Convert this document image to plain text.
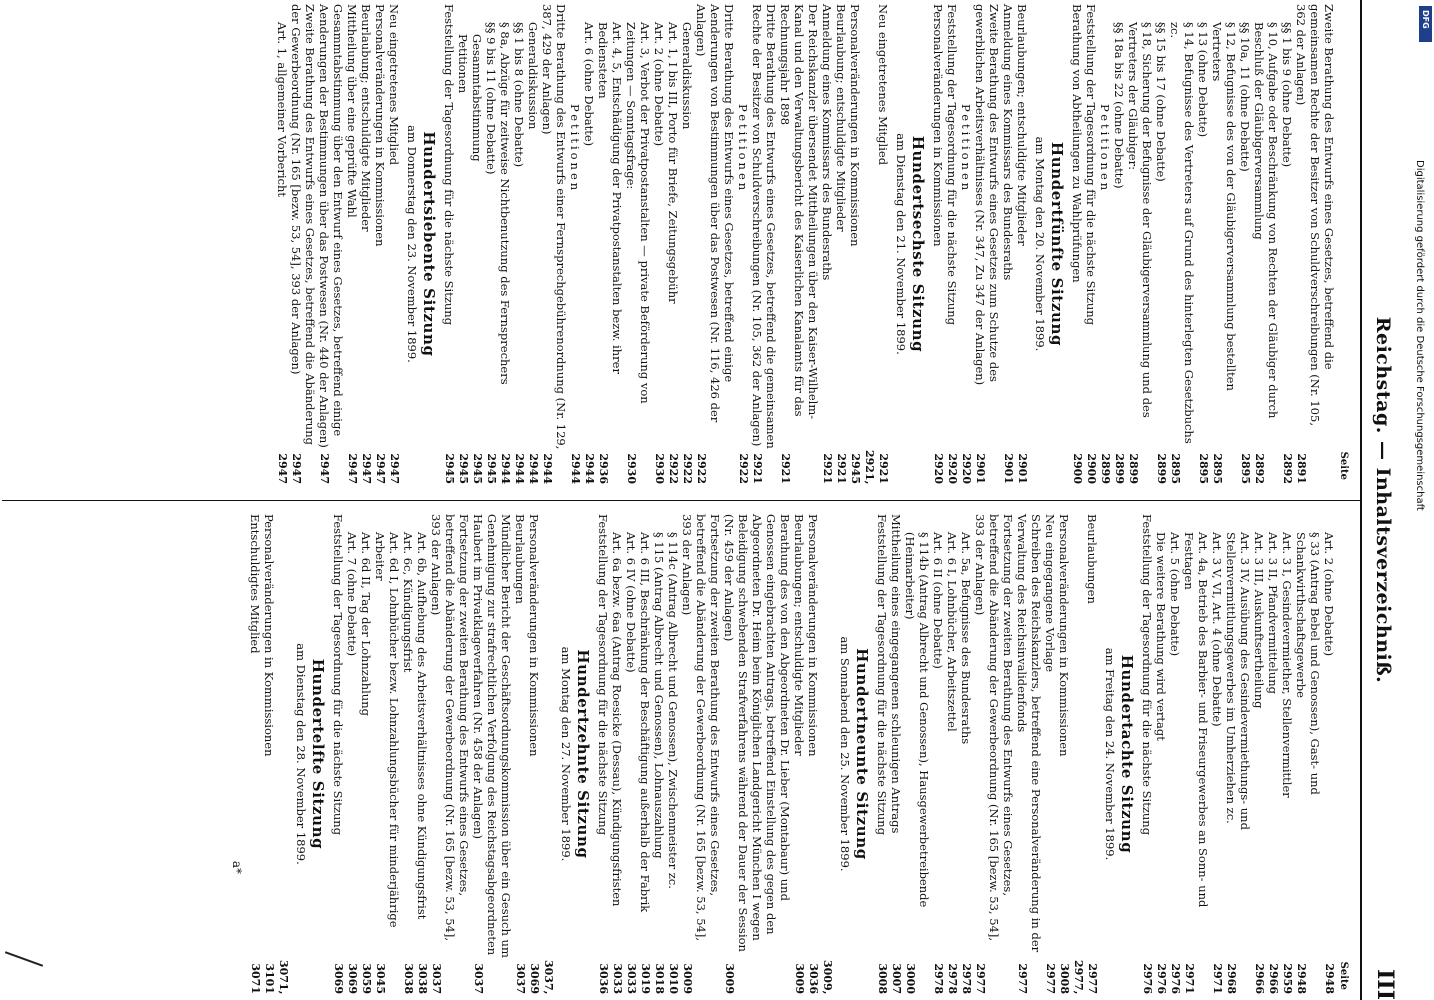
Reichstag. — Inhaltsverzeichniß.
III
Seite
Zweite Berathung des Entwurfs eines Gesetzes, betreffend die gemeinsamen Rechte der Besitzer von Schuldverschreibungen (Nr. 105, 362 der Anlagen)
2891
§§ 1 bis 9 (ohne Debatte)
2892
§ 10, Aufgabe oder Beschränkung von Rechten der Gläubiger durch Beschluß der Gläubigerversammlung
2892
§§ 10a, 11 (ohne Debatte)
2895
§ 12, Befugnisse des von der Gläubigerversammlung bestellten Vertreters
2895
§ 13 (ohne Debatte)
2895
§ 14, Befugnisse des Vertreters auf Grund des hinterlegten Gesetzbuchs zc.
2895
§§ 15 bis 17 (ohne Debatte)
2899
§ 18, Sicherung der Befugnisse der Gläubigerversammlung und des Vertreters der Gläubiger:
2899
§§ 18a bis 22 (ohne Debatte)
2899
Petitionen
2899
Feststellung der Tagesordnung für die nächste Sitzung
2900
Berathung von Abtheilungen zu Wahlprüfungen
2900
Hundertfünfte Sitzung
am Montag den 20. November 1899.
Beurlaubungen; entschuldigte Mitglieder
2901
Anmeldung eines Kommissars des Bundesraths
2901
Zweite Berathung des Entwurfs eines Gesetzes zum Schutze des gewerblichen Arbeitsverhältnisses (Nr. 347, Zu 347 der Anlagen)
2901
Petitionen
2920
Feststellung der Tagesordnung für die nächste Sitzung
2920
Personalveränderungen in Kommissionen
2920
Hundertsechste Sitzung
am Dienstag den 21. November 1899.
Neu eingetretenes Mitglied
2921
Personalveränderungen in Kommissionen
2921, 2945
Beurlaubung; entschuldigte Mitglieder
2921
Anmeldung eines Kommissars des Bundesraths
2921
Der Reichskanzler übersendet Mittheilungen über den Kaiser-Wilhelm-Kanal und den Verwaltungsbericht des Kaiserlichen Kanalamts für das Rechnungsjahr 1898
2921
Dritte Berathung des Entwurfs eines Gesetzes, betreffend die gemeinsamen Rechte der Besitzer von Schuldverschreibungen (Nr. 105, 362 der Anlagen)
2921
Petitionen
2922
Dritte Berathung des Entwurfs eines Gesetzes, betreffend einige Aenderungen von Bestimmungen über das Postwesen (Nr. 116, 426 der Anlagen)
2922
Generaldiskussion
2922
Art. 1, I bis III, Porto für Briefe, Zeitungsgebühr
2922
Art. 2 (ohne Debatte)
2930
Art. 3, Verbot der Privatpostanstalten — private Beförderung von Zeitungen — Sonntagsfrage:
2930
Art. 4, 5, Entschädigung der Privatpostanstalten bezw. ihrer Bediensteten
2936
Art. 6 (ohne Debatte)
2944
Petitionen
2944
Dritte Berathung des Entwurfs einer Fernsprechgebührenordnung (Nr. 129, 387, 429 der Anlagen)
2944
Generaldiskussion
2944
§§ 1 bis 8 (ohne Debatte)
2944
§ 8a, Abzüge für zeitweise Nichtbenutzung des Fernsprechers
2944
§§ 9 bis 11 (ohne Debatte)
2945
Gesammtabstimmung
2945
Petitionen
2945
Feststellung der Tagesordnung für die nächste Sitzung
2945
Hundertsiebente Sitzung
am Donnerstag den 23. November 1899.
Neu eingetretenes Mitglied
2947
Personalveränderungen in Kommissionen
2947
Beurlaubung; entschuldigte Mitglieder
2947
Mittheilung über eine geprüfte Wahl
2947
Gesammtabstimmung über den Entwurf eines Gesetzes, betreffend einige Aenderungen der Bestimmungen über das Postwesen (Nr. 440 der Anlagen)
2947
Zweite Berathung des Entwurfs eines Gesetzes, betreffend die Abänderung der Gewerbeordnung (Nr. 165 [bezw. 53, 54], 393 der Anlagen)
2947
Art. 1, allgemeiner Vorbericht
2947
Seite
Art. 2 (ohne Debatte)
2948
§ 33 (Antrag Bebel und Genossen), Gast- und Schankwirthschaftsgewerbe
2948
Art. 3 I, Gesindevermiether, Stellenvermittler
2959
Art. 3 II, Pfandvermittelung
2966
Art. 3 III, Auskunftsertheilung
2966
Art. 3 IV, Ausübung des Gesindevermiethungs- und Stellenvermittlungsgewerbes im Umherziehen zc.
2968
Art. 3 V, VI, Art. 4 (ohne Debatte)
2971
Art. 4a, Betrieb des Barbier- und Friseurgewerbes an Sonn- und Festtagen
2971
Art. 5 (ohne Debatte)
2976
Die weitere Berathung wird vertagt
2976
Feststellung der Tagesordnung für die nächste Sitzung
2976
Hundertachte Sitzung
am Freitag den 24. November 1899.
Beurlaubungen
2977
Personalveränderungen in Kommissionen
2977, 3008
Neu eingegangene Vorlage
2977
Schreiben des Reichskanzlers, betreffend eine Personalveränderung in der Verwaltung des Reichsinvalidenfonds
2977
Fortsetzung der zweiten Berathung des Entwurfs eines Gesetzes, betreffend die Abänderung der Gewerbeordnung (Nr. 165 [bezw. 53, 54], 393 der Anlagen)
2977
Art. 5a, Befugnisse des Bundesraths
2978
Art. 6 I, Lohnbücher, Arbeitszettel
2978
Art. 6 II (ohne Debatte)
2978
§ 114b (Antrag Albrecht und Genossen), Hausgewerbetreibende (Heimarbeiter)
3000
Mittheilung eines eingegangenen schleunigen Antrags
3007
Feststellung der Tagesordnung für die nächste Sitzung
3008
Hundertneunte Sitzung
am Sonnabend den 25. November 1899.
Personalveränderungen in Kommissionen
3009, 3036
Beurlaubungen; entschuldigte Mitglieder
3009
Berathung des von den Abgeordneten Dr. Lieber (Montabaur) und Genossen eingebrachten Antrags, betreffend Einstellung des gegen den Abgeordneten Dr. Heim beim Königlichen Landgericht München I wegen Beleidigung schwebenden Strafverfahrens während der Dauer der Session (Nr. 459 der Anlagen)
3009
Fortsetzung der zweiten Berathung des Entwurfs eines Gesetzes, betreffend die Abänderung der Gewerbeordnung (Nr. 165 [bezw. 53, 54], 393 der Anlagen)
3009
§ 114c (Antrag Albrecht und Genossen), Zwischenmeister zc.
3010
§ 115 (Antrag Albrecht und Genossen), Lohnauszahlung
3018
Art. 6 III, Beschränkung der Beschäftigung außerhalb der Fabrik
3019
Art. 6 IV (ohne Debatte)
3033
Art. 6a bezw. 6aa (Antrag Roesicke (Dessau), Kündigungsfristen
3033
Feststellung der Tagesordnung für die nächste Sitzung
3036
Hundertzehnte Sitzung
am Montag den 27. November 1899.
Personalveränderungen in Kommissionen
3037, 3069
Beurlaubungen
3037
Mündlicher Bericht der Geschäftsordnungskommission über ein Gesuch um Genehmigung zur strafrechtlichen Verfolgung des Reichstagsabgeordneten Haubert im Privatklageverfahren (Nr. 458 der Anlagen)
3037
Fortsetzung der zweiten Berathung des Entwurfs eines Gesetzes, betreffend die Abänderung der Gewerbeordnung (Nr. 165 [bezw. 53, 54], 393 der Anlagen)
3037
Art. 6b, Aufhebung des Arbeitsverhältnisses ohne Kündigungsfrist
3038
Art. 6c, Kündigungsfrist
3038
Art. 6d I, Lohnbücher bezw. Lohnzahlungsbücher für minderjährige Arbeiter
3045
Art. 6d II, Tag der Lohnzahlung
3059
Art. 7 (ohne Debatte)
3069
Feststellung der Tagesordnung für die nächste Sitzung
3069
Hundertelfte Sitzung
am Dienstag den 28. November 1899.
Personalveränderungen in Kommissionen
3071, 3101
Entschuldigtes Mitglied
3071
a*
DFG
Digitalisierung gefördert durch die Deutsche Forschungsgemeinschaft
